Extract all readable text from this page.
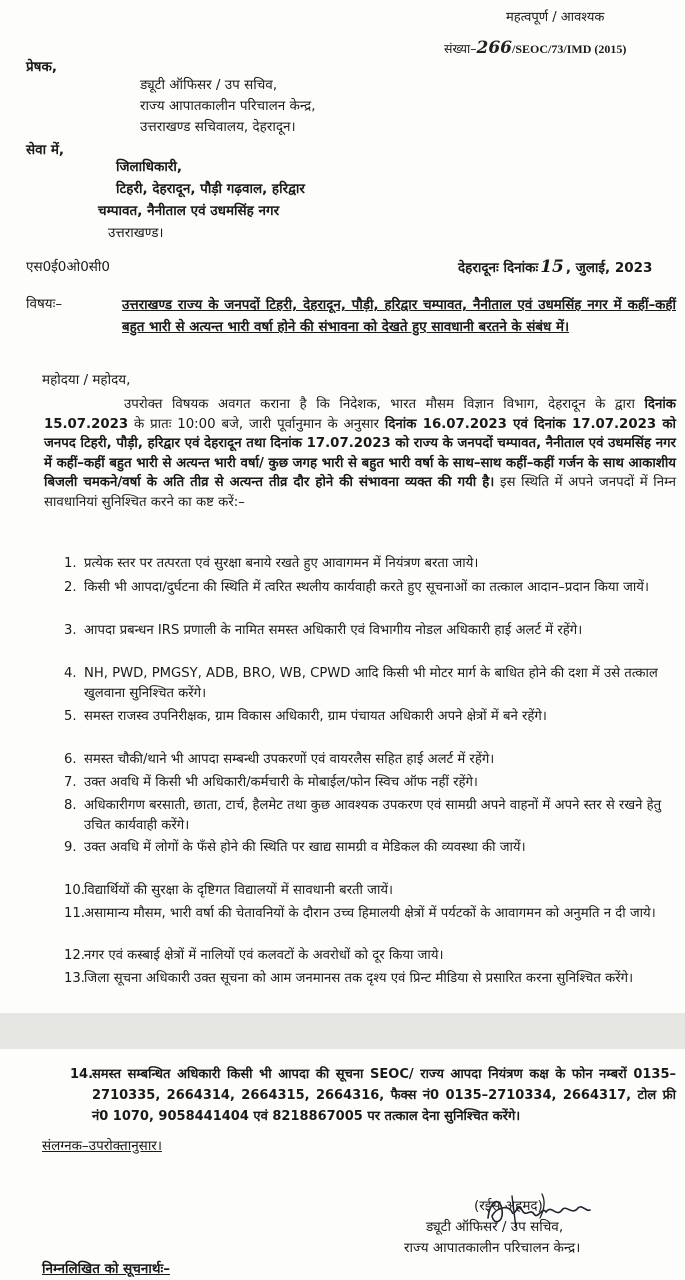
महत्वपूर्ण / आवश्यक
संख्या–266/SEOC/73/IMD (2015)
प्रेषक,
ड्यूटी ऑफिसर / उप सचिव,
राज्य आपातकालीन परिचालन केन्द्र,
उत्तराखण्ड सचिवालय, देहरादून।
सेवा में,
जिलाधिकारी,
टिहरी, देहरादून, पौड़ी गढ़वाल, हरिद्वार
चम्पावत, नैनीताल एवं उधमसिंह नगर
उत्तराखण्ड।
एस0ई0ओ0सी0	देहरादूनः दिनांकः 15 , जुलाई, 2023
विषयः–	उत्तराखण्ड राज्य के जनपदों टिहरी, देहरादून, पौड़ी, हरिद्वार चम्पावत, नैनीताल एवं उधमसिंह नगर में कहीं–कहीं बहुत भारी से अत्यन्त भारी वर्षा होने की संभावना को देखते हुए सावधानी बरतने के संबंध में।
महोदया / महोदय,
उपरोक्त विषयक अवगत कराना है कि निदेशक, भारत मौसम विज्ञान विभाग, देहरादून के द्वारा दिनांक 15.07.2023 के प्रातः 10:00 बजे, जारी पूर्वानुमान के अनुसार दिनांक 16.07.2023 एवं दिनांक 17.07.2023 को जनपद टिहरी, पौड़ी, हरिद्वार एवं देहरादून तथा दिनांक 17.07.2023 को राज्य के जनपदों चम्पावत, नैनीताल एवं उधमसिंह नगर में कहीं–कहीं बहुत भारी से अत्यन्त भारी वर्षा/ कुछ जगह भारी से बहुत भारी वर्षा के साथ–साथ कहीं–कहीं गर्जन के साथ आकाशीय बिजली चमकने/वर्षा के अति तीव्र से अत्यन्त तीव्र दौर होने की संभावना व्यक्त की गयी है। इस स्थिति में अपने जनपदों में निम्न सावधानियां सुनिश्चित करने का कष्ट करें:–
1. प्रत्येक स्तर पर तत्परता एवं सुरक्षा बनाये रखते हुए आवागमन में नियंत्रण बरता जाये।
2. किसी भी आपदा/दुर्घटना की स्थिति में त्वरित स्थलीय कार्यवाही करते हुए सूचनाओं का तत्काल आदान–प्रदान किया जायें।
3. आपदा प्रबन्धन IRS प्रणाली के नामित समस्त अधिकारी एवं विभागीय नोडल अधिकारी हाई अलर्ट में रहेंगे।
4. NH, PWD, PMGSY, ADB, BRO, WB, CPWD आदि किसी भी मोटर मार्ग के बाधित होने की दशा में उसे तत्काल खुलवाना सुनिश्चित करेंगे।
5. समस्त राजस्व उपनिरीक्षक, ग्राम विकास अधिकारी, ग्राम पंचायत अधिकारी अपने क्षेत्रों में बने रहेंगे।
6. समस्त चौकी/थाने भी आपदा सम्बन्धी उपकरणों एवं वायरलैस सहित हाई अलर्ट में रहेंगे।
7. उक्त अवधि में किसी भी अधिकारी/कर्मचारी के मोबाईल/फोन स्विच ऑफ नहीं रहेंगे।
8. अधिकारीगण बरसाती, छाता, टार्च, हैलमेट तथा कुछ आवश्यक उपकरण एवं सामग्री अपने वाहनों में अपने स्तर से रखने हेतु उचित कार्यवाही करेंगे।
9. उक्त अवधि में लोगों के फँसे होने की स्थिति पर खाद्य सामग्री व मेडिकल की व्यवस्था की जायें।
10. विद्यार्थियों की सुरक्षा के दृष्टिगत विद्यालयों में सावधानी बरती जायें।
11. असामान्य मौसम, भारी वर्षा की चेतावनियों के दौरान उच्च हिमालयी क्षेत्रों में पर्यटकों के आवागमन को अनुमति न दी जाये।
12. नगर एवं कस्बाई क्षेत्रों में नालियों एवं कलवटों के अवरोधों को दूर किया जाये।
13. जिला सूचना अधिकारी उक्त सूचना को आम जनमानस तक दृश्य एवं प्रिन्ट मीडिया से प्रसारित करना सुनिश्चित करेंगे।
14.
समस्त सम्बन्धित अधिकारी किसी भी आपदा की सूचना SEOC/ राज्य आपदा नियंत्रण कक्ष के फोन नम्बरों 0135–2710335, 2664314, 2664315, 2664316, फैक्स नं0 0135–2710334, 2664317, टोल फ्री नं0 1070, 9058441404 एवं 8218867005 पर तत्काल देना सुनिश्चित करेंगे।
संलग्नक–उपरोक्तानुसार।
(रईस अहमद)
ड्यूटी ऑफिसर / उप सचिव,
राज्य आपातकालीन परिचालन केन्द्र।
निम्नलिखित को सूचनार्थः–
